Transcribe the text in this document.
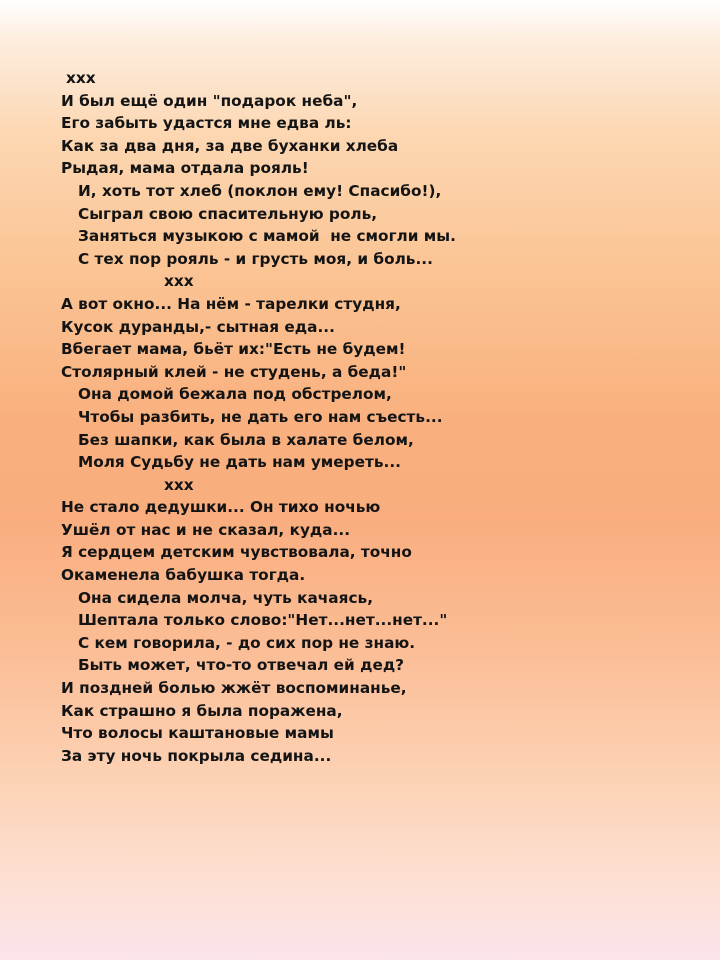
xxx
И был ещё один "подарок неба",
Его забыть удастся мне едва ль:
Как за два дня, за две буханки хлеба
Рыдая, мама отдала рояль!
И, хоть тот хлеб (поклон ему! Спасибо!),
Сыграл свою спасительную роль,
Заняться музыкою с мамой  не смогли мы.
С тех пор рояль - и грусть моя, и боль...
xxx
А вот окно... На нём - тарелки студня,
Кусок дуранды,- сытная еда...
Вбегает мама, бьёт их:"Есть не будем!
Столярный клей - не студень, а беда!"
Она домой бежала под обстрелом,
Чтобы разбить, не дать его нам съесть...
Без шапки, как была в халате белом,
Моля Судьбу не дать нам умереть...
xxx
Не стало дедушки... Он тихо ночью
Ушёл от нас и не сказал, куда...
Я сердцем детским чувствовала, точно
Окаменела бабушка тогда.
Она сидела молча, чуть качаясь,
Шептала только слово:"Нет...нет...нет..."
С кем говорила, - до сих пор не знаю.
Быть может, что-то отвечал ей дед?
И поздней болью жжёт воспоминанье,
Как страшно я была поражена,
Что волосы каштановые мамы
За эту ночь покрыла седина...
